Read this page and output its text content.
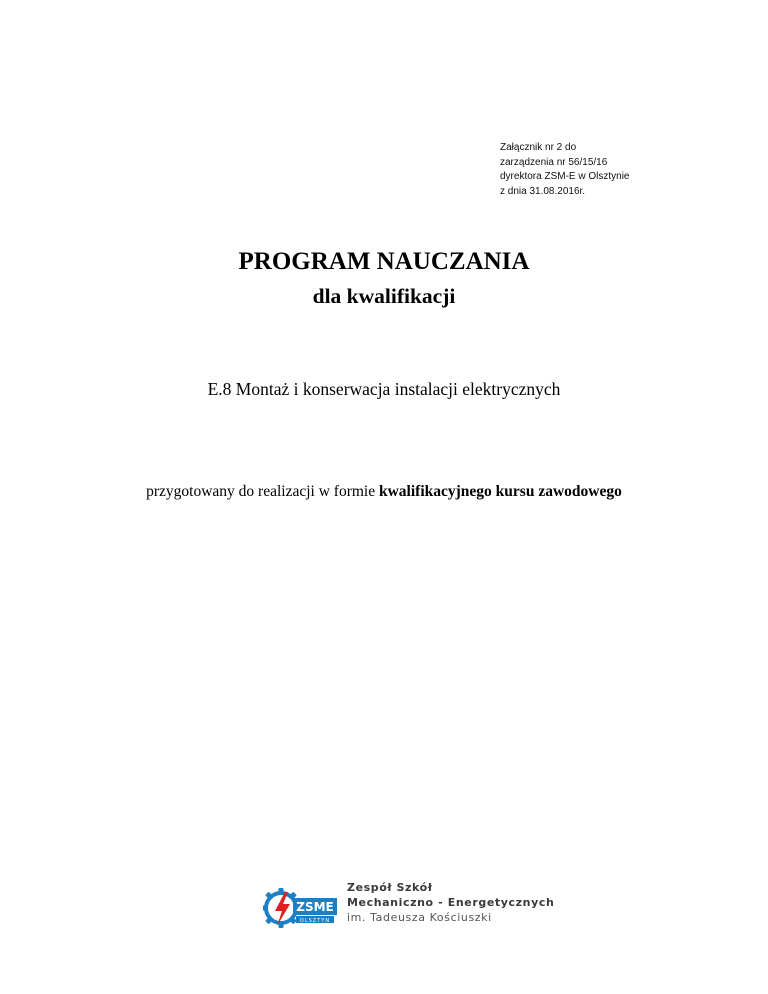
Załącznik nr 2 do
zarządzenia nr 56/15/16
dyrektora ZSM-E w Olsztynie
z dnia 31.08.2016r.
PROGRAM NAUCZANIA
dla kwalifikacji
E.8 Montaż i konserwacja instalacji elektrycznych
przygotowany do realizacji w formie kwalifikacyjnego kursu zawodowego
ZSME
OLSZTYN
Zespół Szkół
Mechaniczno - Energetycznych
im. Tadeusza Kościuszki
